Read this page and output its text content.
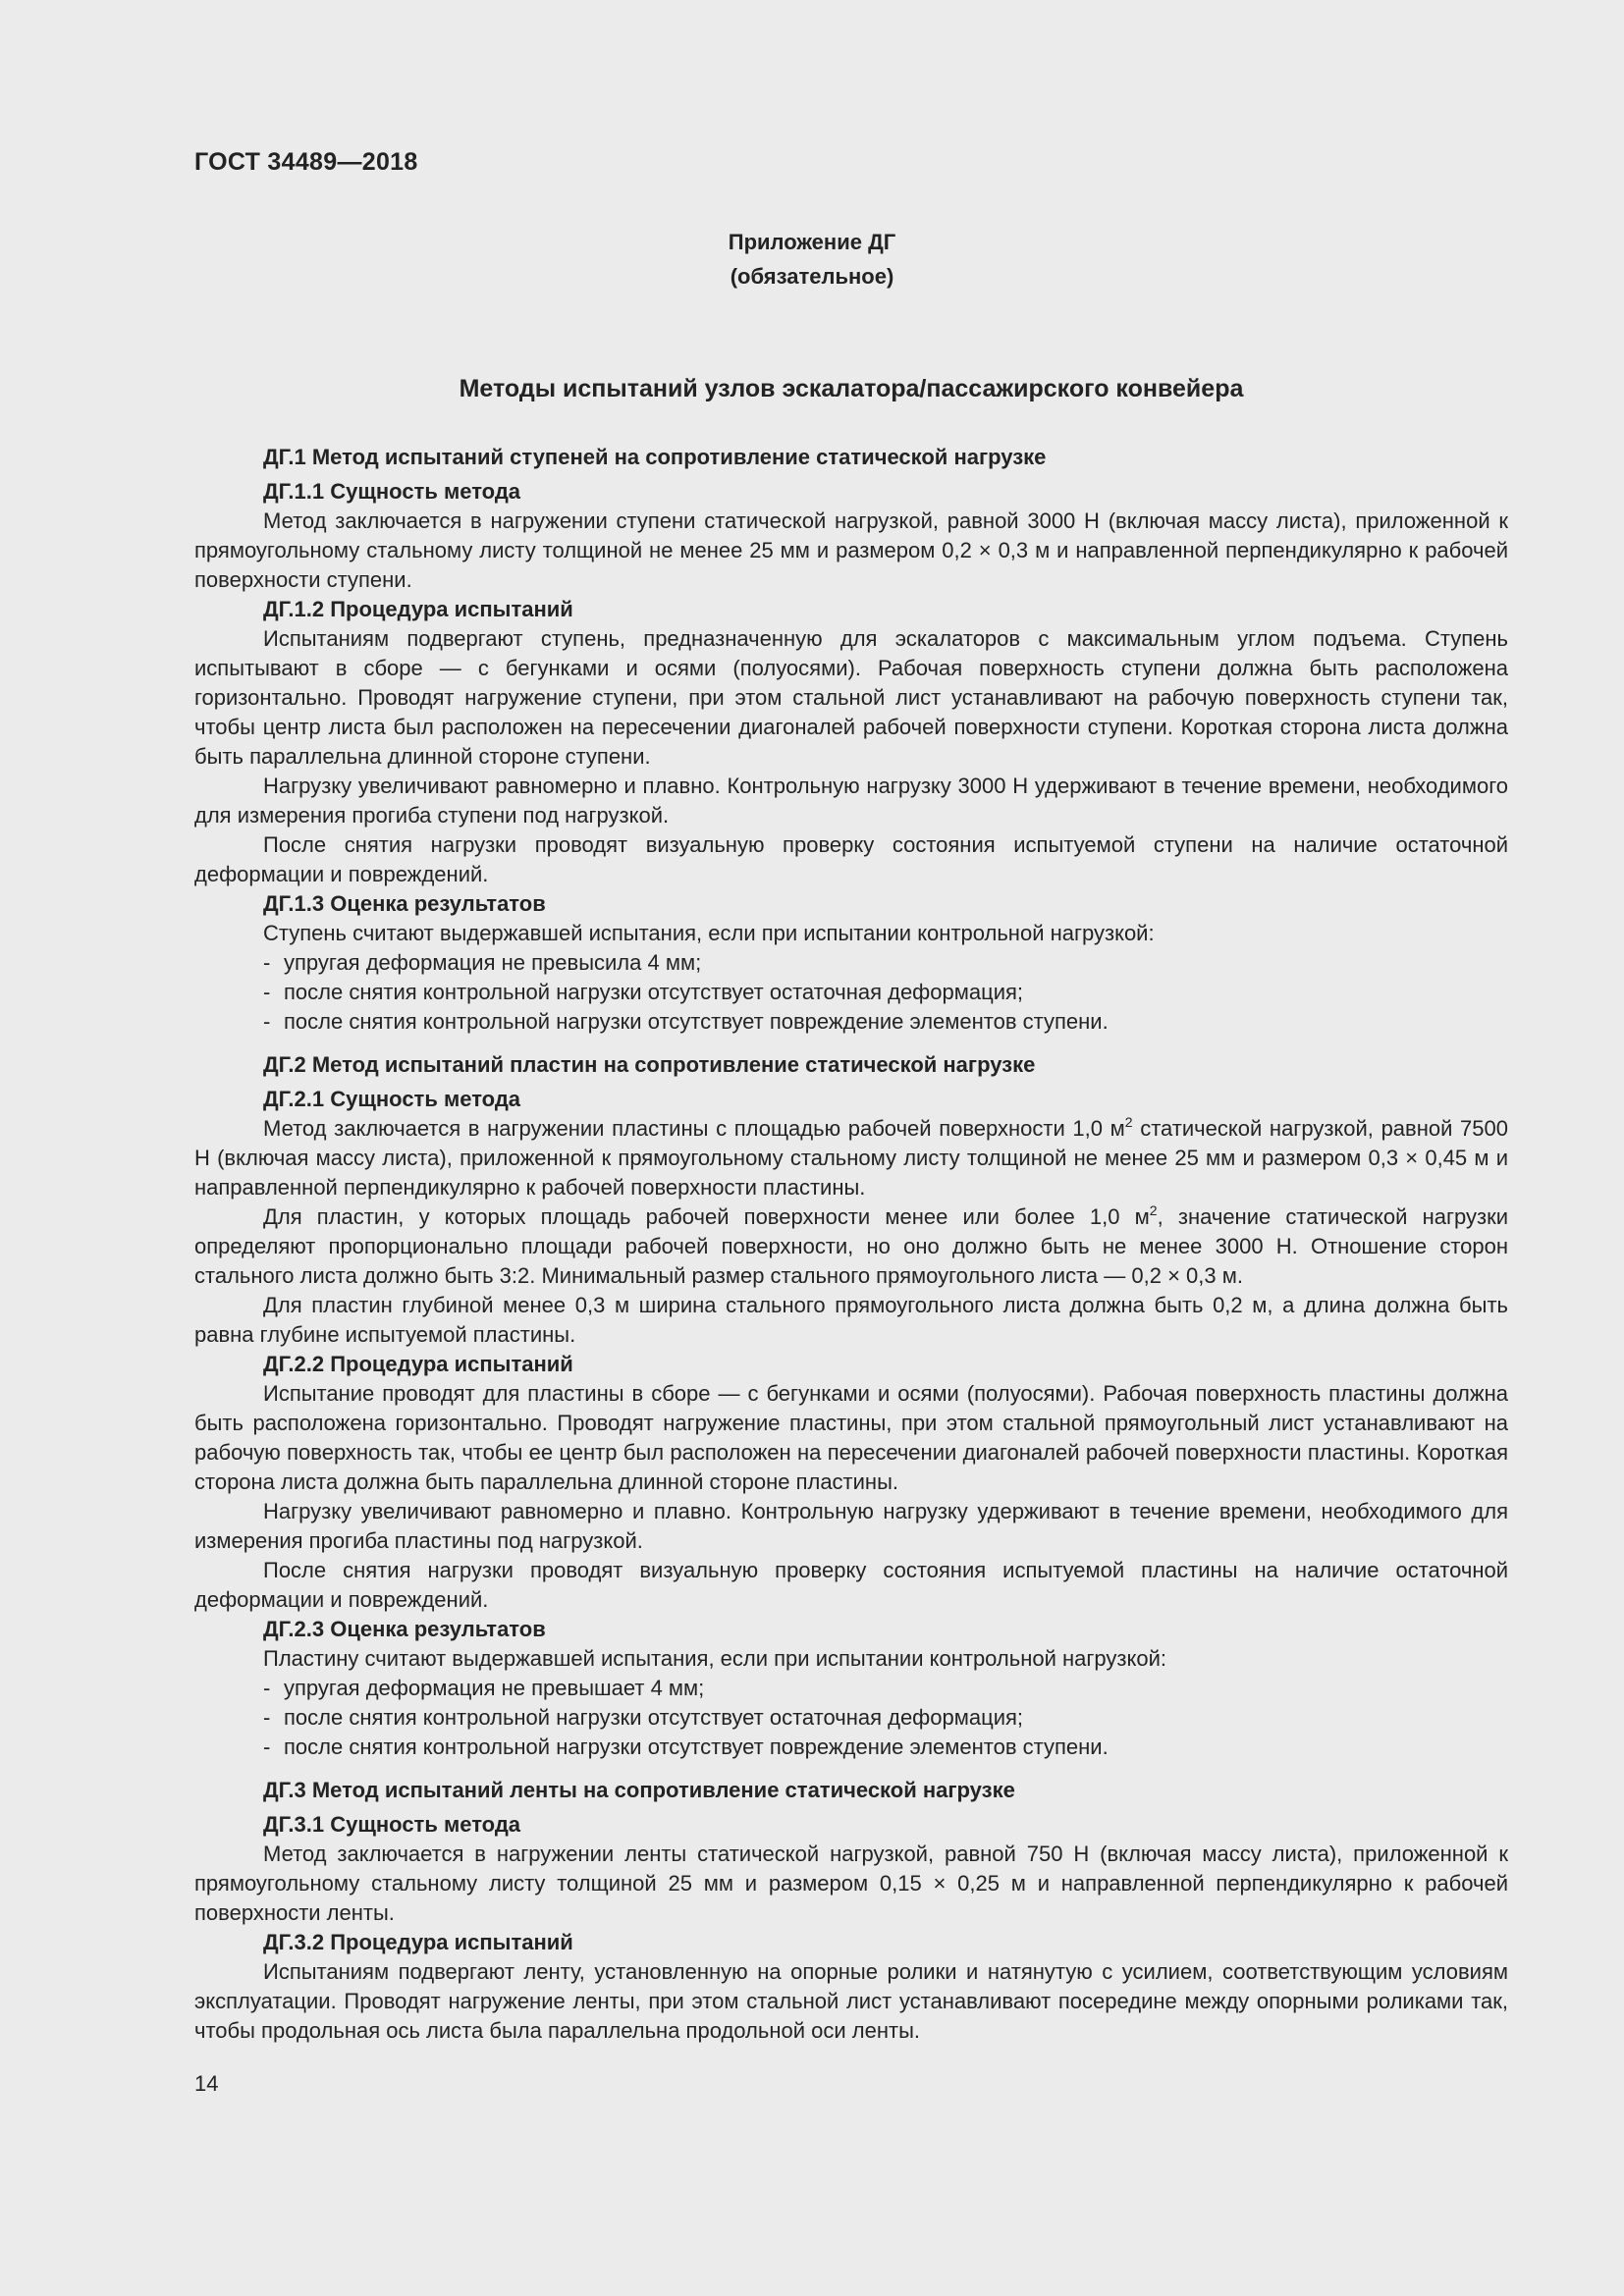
ГОСТ 34489—2018
Приложение ДГ
(обязательное)
Методы испытаний узлов эскалатора/пассажирского конвейера
ДГ.1 Метод испытаний ступеней на сопротивление статической нагрузке
ДГ.1.1 Сущность метода

Метод заключается в нагружении ступени статической нагрузкой, равной 3000 Н (включая массу листа), приложенной к прямоугольному стальному листу толщиной не менее 25 мм и размером 0,2 × 0,3 м и направленной перпендикулярно к рабочей поверхности ступени.

ДГ.1.2 Процедура испытаний

Испытаниям подвергают ступень, предназначенную для эскалаторов с максимальным углом подъема. Ступень испытывают в сборе — с бегунками и осями (полуосями). Рабочая поверхность ступени должна быть расположена горизонтально. Проводят нагружение ступени, при этом стальной лист устанавливают на рабочую поверхность ступени так, чтобы центр листа был расположен на пересечении диагоналей рабочей поверхности ступени. Короткая сторона листа должна быть параллельна длинной стороне ступени.

Нагрузку увеличивают равномерно и плавно. Контрольную нагрузку 3000 Н удерживают в течение времени, необходимого для измерения прогиба ступени под нагрузкой.

После снятия нагрузки проводят визуальную проверку состояния испытуемой ступени на наличие остаточной деформации и повреждений.

ДГ.1.3 Оценка результатов

Ступень считают выдержавшей испытания, если при испытании контрольной нагрузкой:

- упругая деформация не превысила 4 мм;
- после снятия контрольной нагрузки отсутствует остаточная деформация;
- после снятия контрольной нагрузки отсутствует повреждение элементов ступени.
ДГ.2 Метод испытаний пластин на сопротивление статической нагрузке
ДГ.2.1 Сущность метода

Метод заключается в нагружении пластины с площадью рабочей поверхности 1,0 $м^2$ статической нагрузкой, равной 7500 Н (включая массу листа), приложенной к прямоугольному стальному листу толщиной не менее 25 мм и размером 0,3 × 0,45 м и направленной перпендикулярно к рабочей поверхности пластины.

Для пластин, у которых площадь рабочей поверхности менее или более 1,0 $м^2$, значение статической нагрузки определяют пропорционально площади рабочей поверхности, но оно должно быть не менее 3000 Н. Отношение сторон стального листа должно быть 3:2. Минимальный размер стального прямоугольного листа — 0,2 × 0,3 м.

Для пластин глубиной менее 0,3 м ширина стального прямоугольного листа должна быть 0,2 м, а длина должна быть равна глубине испытуемой пластины.

ДГ.2.2 Процедура испытаний

Испытание проводят для пластины в сборе — с бегунками и осями (полуосями). Рабочая поверхность пластины должна быть расположена горизонтально. Проводят нагружение пластины, при этом стальной прямоугольный лист устанавливают на рабочую поверхность так, чтобы ее центр был расположен на пересечении диагоналей рабочей поверхности пластины. Короткая сторона листа должна быть параллельна длинной стороне пластины.

Нагрузку увеличивают равномерно и плавно. Контрольную нагрузку удерживают в течение времени, необходимого для измерения прогиба пластины под нагрузкой.

После снятия нагрузки проводят визуальную проверку состояния испытуемой пластины на наличие остаточной деформации и повреждений.

ДГ.2.3 Оценка результатов

Пластину считают выдержавшей испытания, если при испытании контрольной нагрузкой:

- упругая деформация не превышает 4 мм;
- после снятия контрольной нагрузки отсутствует остаточная деформация;
- после снятия контрольной нагрузки отсутствует повреждение элементов ступени.
ДГ.3 Метод испытаний ленты на сопротивление статической нагрузке
ДГ.3.1 Сущность метода

Метод заключается в нагружении ленты статической нагрузкой, равной 750 Н (включая массу листа), приложенной к прямоугольному стальному листу толщиной 25 мм и размером 0,15 × 0,25 м и направленной перпендикулярно к рабочей поверхности ленты.

ДГ.3.2 Процедура испытаний

Испытаниям подвергают ленту, установленную на опорные ролики и натянутую с усилием, соответствующим условиям эксплуатации. Проводят нагружение ленты, при этом стальной лист устанавливают посередине между опорными роликами так, чтобы продольная ось листа была параллельна продольной оси ленты.

14
